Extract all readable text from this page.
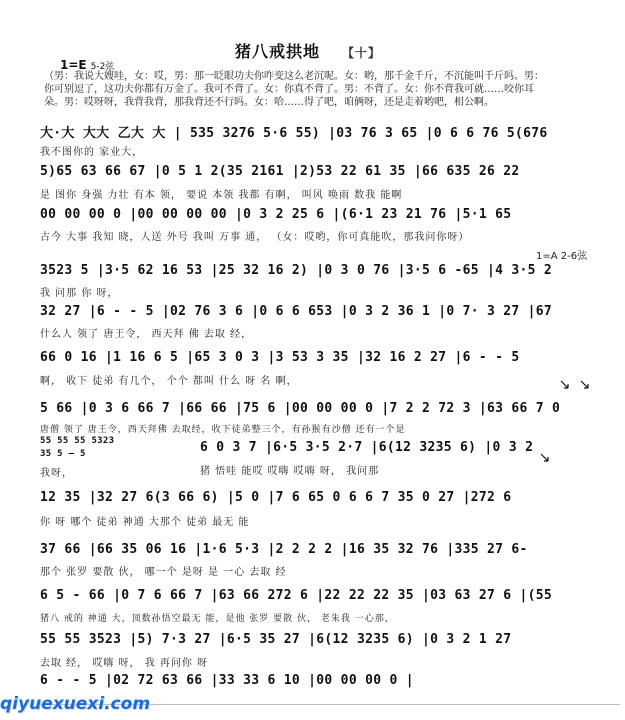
猪八戒拱地 【十】
1=E 5-2弦
（男：我说大嫂哇，女：哎，男：那一眨眼功夫你咋变这么老沉呢。女：哟，那千金千斤，不沉能叫千斤吗。男：
你可别逗了，这功夫你都有万金了。我可不背了。女：你真不背了。男：不背了。女：你不背我可就……咬你耳
朵。男：哎呀呀，我背我背，那我背还不行吗。女：哈……得了吧，咱俩呀，还是走着哟吧，相公啊。
大·大 大大 乙大 大 | 535 3276 5·6 55) |03 76 3 65 |0 6 6 76 5(676
我不图你的 家业大，
5)65 63 66 67 |0 5 1 2(35 2161 |2)53 22 61 35 |66 635 26 22
是 图你 身强 力壮 有本 领， 要说 本领 我都 有啊， 叫风 唤雨 数我 能啊
00 00 00 0 |00 00 00 00 |0 3 2 25 6 |(6·1 23 21 76 |5·1 65
古今 大事 我知 晓，人送 外号 我叫 万事 通， （女：哎哟，你可真能吹，那我问你呀）
3523 5 |3·5 62 16 53 |25 32 16 2) |0 3 0 76 |3·5 6 -65 |4 3·5 2
我 问那 你 呀，
32 27 |6 - - 5 |02 76 3 6 |0 6 6 653 |0 3 2 36 1 |0 7· 3 27 |67
什么人 领了 唐王令， 西天拜 佛 去取 经，
66 0 16 |1 16 6 5 |65 3 0 3 |3 53 3 35 |32 16 2 27 |6 - - 5
啊， 收下 徒弟 有几个， 个个 都叫 什么 呀 名 啊，
5 66 |0 3 6 66 7 |66 66 |75 6 |00 00 00 0 |7 2 2 72 3 |63 66 7 0
唐僧 领了 唐王令，西天拜佛 去取经，收下徒弟整三个，有孙猴有沙僧 还有一个是
55 55 55 5323
35 5 — 5
我呀，
6 0 3 7 |6·5 3·5 2·7 |6(12 3235 6) |0 3 2
猪 悟哇 能哎 哎嗨 哎嗨 呀， 我问那
12 35 |32 27 6(3 66 6) |5 0 |7 6 65 0 6 6 7 35 0 27 |272 6
你 呀 哪个 徒弟 神通 大那个 徒弟 最无 能
37 66 |66 35 06 16 |1·6 5·3 |2 2 2 2 |16 35 32 76 |335 27 6-
那个 张罗 要散 伙， 哪一个 是呀 是 一心 去取 经
6 5 - 66 |0 7 6 66 7 |63 66 272 6 |22 22 22 35 |03 63 27 6 |(55
猪八 戒的 神通 大，顶数孙悟空最无 能，是他 张罗 要散 伙， 老朱我 一心那，
55 55 3523 |5) 7·3 27 |6·5 35 27 |6(12 3235 6) |0 3 2 1 27
去取 经， 哎嗨 呀， 我 再问你 呀
6 - - 5 |02 72 63 66 |33 33 6 10 |00 00 00 0 |
1=A 2-6弦
qiyuexuexi.com
